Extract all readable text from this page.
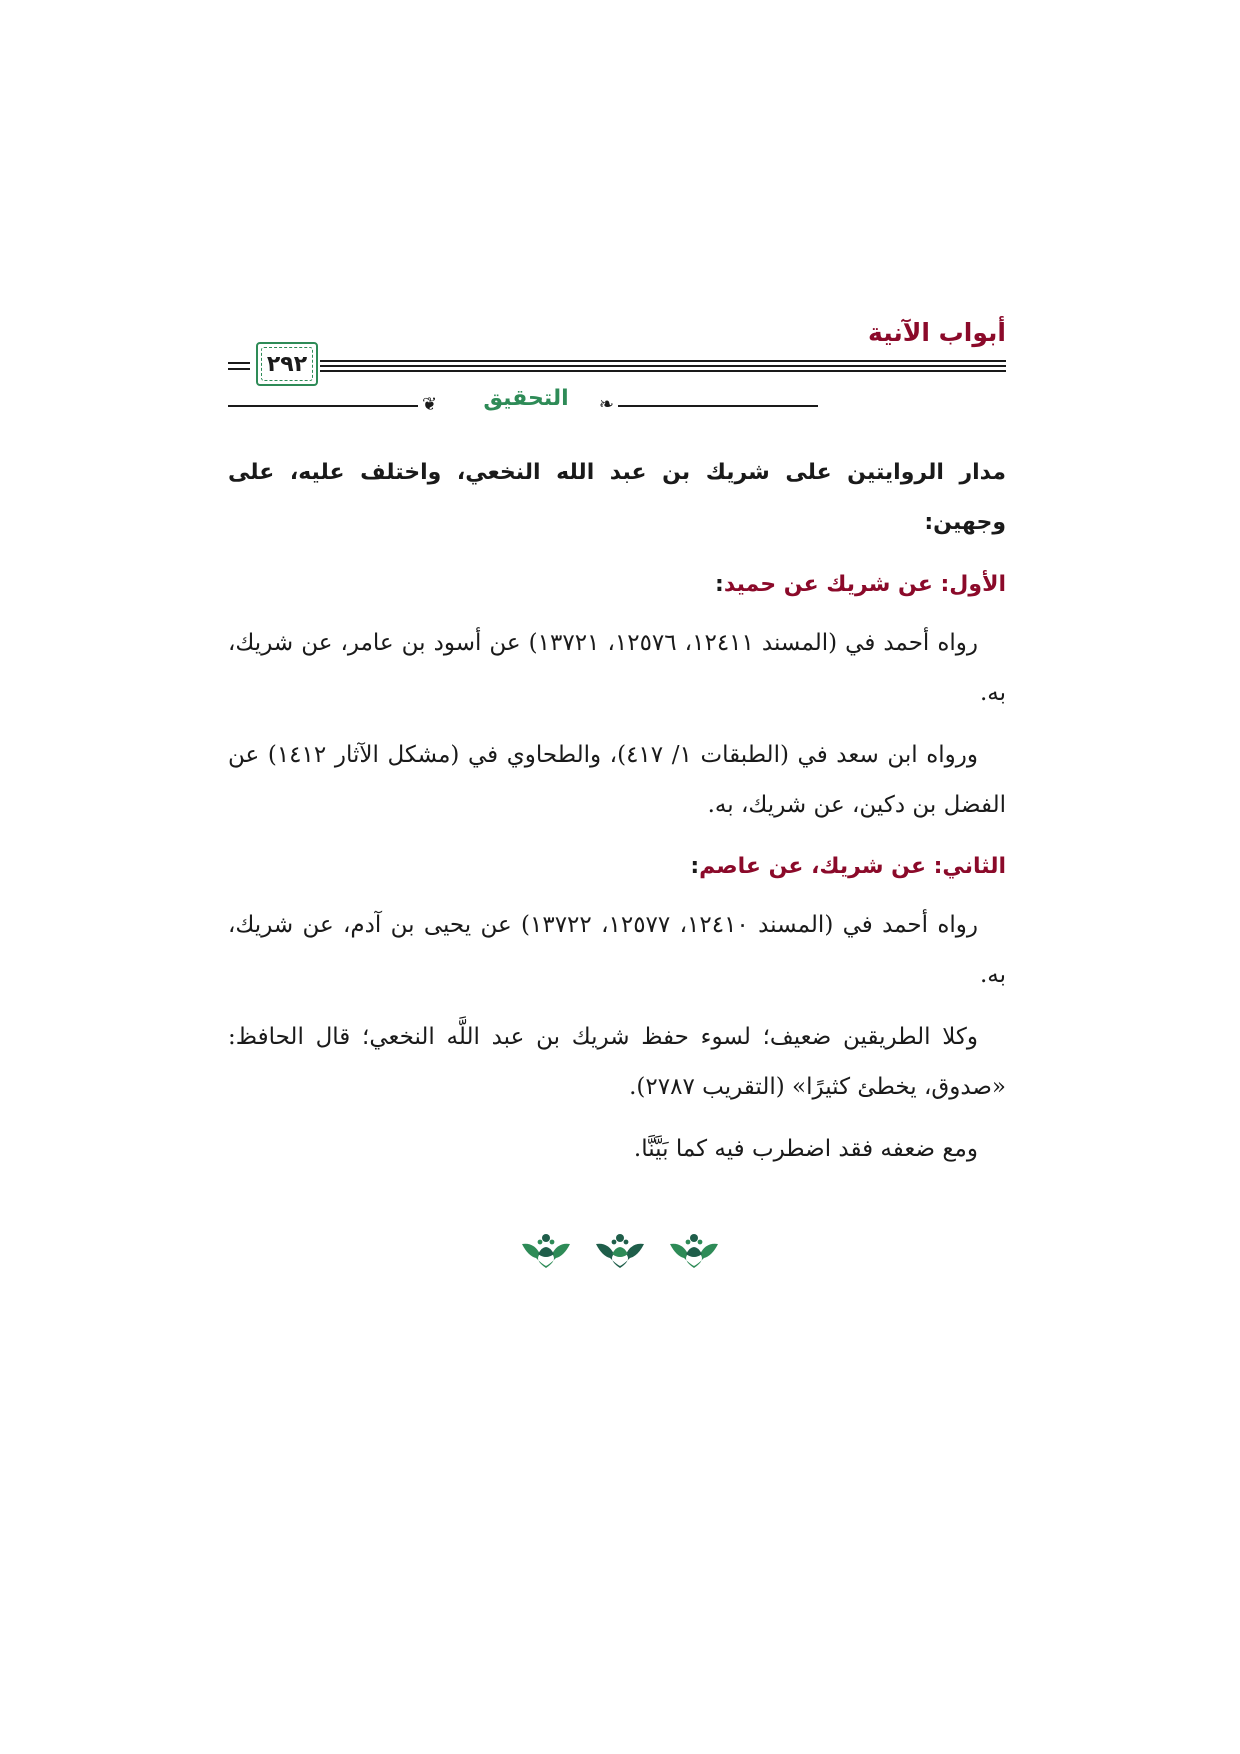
أبواب الآنية
٢٩٢
❦	التحقيق	❧

مدار الروايتين على شريك بن عبد الله النخعي، واختلف عليه، على وجهين:

الأول: عن شريك عن حميد:

رواه أحمد في (المسند ١٢٤١١، ١٢٥٧٦، ١٣٧٢١) عن أسود بن عامر، عن شريك، به.

ورواه ابن سعد في (الطبقات ١/ ٤١٧)، والطحاوي في (مشكل الآثار ١٤١٢) عن الفضل بن دكين، عن شريك، به.

الثاني: عن شريك، عن عاصم:

رواه أحمد في (المسند ١٢٤١٠، ١٢٥٧٧، ١٣٧٢٢) عن يحيى بن آدم، عن شريك، به.

وكلا الطريقين ضعيف؛ لسوء حفظ شريك بن عبد اللَّه النخعي؛ قال الحافظ: «صدوق، يخطئ كثيرًا» (التقريب ٢٧٨٧).

ومع ضعفه فقد اضطرب فيه كما بَيَّنَّا.
